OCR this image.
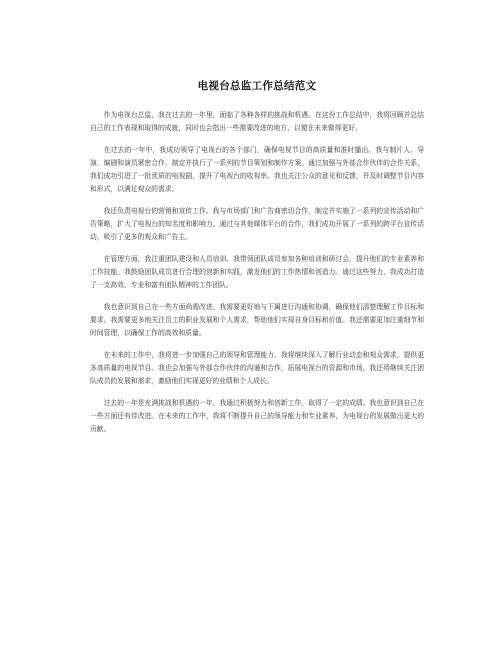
电视台总监工作总结范文

作为电视台总监，我在过去的一年里，面临了各种各样的挑战和机遇。在这份工作总结中，我将回顾并总结自己的工作表现和取得的成就，同时也会指出一些需要改进的地方，以便在未来做得更好。

在过去的一年中，我成功领导了电视台的各个部门，确保电视节目的高质量和准时播出。我与制片人、导演、编剧和演员紧密合作，制定并执行了一系列的节目策划和制作方案。通过加强与外部合作伙伴的合作关系，我们成功引进了一批优质的电视剧，提升了电视台的收视率。我也关注公众的意见和反馈，并及时调整节目内容和形式，以满足观众的需求。

我还负责电视台的营销和宣传工作。我与市场部门和广告商密切合作，制定并实施了一系列的宣传活动和广告策略，扩大了电视台的知名度和影响力。通过与其他媒体平台的合作，我们成功开展了一系列的跨平台宣传活动，吸引了更多的观众和广告主。

在管理方面，我注重团队建设和人员培训。我带领团队成员参加各种培训和研讨会，提升他们的专业素养和工作技能。我鼓励团队成员进行合理的创新和实践，激发他们的工作热情和创造力。通过这些努力，我成功打造了一支高效、专业和富有团队精神的工作团队。

我也意识到自己在一些方面尚需改进。我需要更好地与下属进行沟通和协调，确保他们清楚理解工作目标和要求。我需要更多地关注员工的职业发展和个人需求，帮助他们实现自身目标和价值。我还需要更加注重细节和时间管理，以确保工作的高效和质量。

在未来的工作中，我将进一步加强自己的领导和管理能力。我将继续深入了解行业动态和观众需求，提供更多高质量的电视节目。我也会加强与外部合作伙伴的沟通和合作，拓展电视台的资源和市场。我还将继续关注团队成员的发展和需求，激励他们实现更好的业绩和个人成长。

过去的一年是充满挑战和机遇的一年。我通过积极努力和创新工作，取得了一定的成绩。我也意识到自己在一些方面还有待改进。在未来的工作中，我将不断提升自己的领导能力和专业素养，为电视台的发展做出更大的贡献。
